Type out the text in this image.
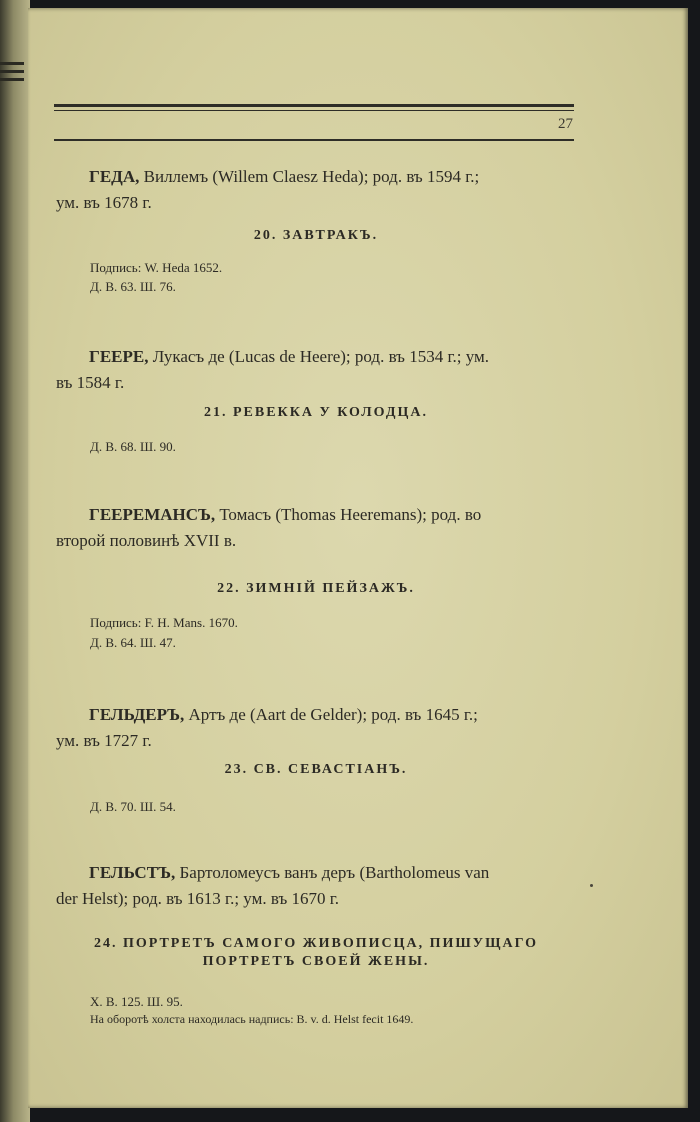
27
ГЕДА, Виллемъ (Willem Claesz Heda); род. въ 1594 г.;
ум. въ 1678 г.
20. ЗАВТРАКЪ.
Подпись: W. Heda 1652.
Д. В. 63. Ш. 76.
ГЕЕРЕ, Лукасъ де (Lucas de Heere); род. въ 1534 г.; ум.
въ 1584 г.
21. РЕВЕККА У КОЛОДЦА.
Д. В. 68. Ш. 90.
ГЕЕРЕМАНСЪ, Томасъ (Thomas Heeremans); род. во
второй половинѣ XVII в.
22. ЗИМНІЙ ПЕЙЗАЖЪ.
Подпись: F. H. Mans. 1670.
Д. В. 64. Ш. 47.
ГЕЛЬДЕРЪ, Артъ де (Aart de Gelder); род. въ 1645 г.;
ум. въ 1727 г.
23. СВ. СЕВАСТІАНЪ.
Д. В. 70. Ш. 54.
ГЕЛЬСТЪ, Бартоломеусъ ванъ деръ (Bartholomeus van
der Helst); род. въ 1613 г.; ум. въ 1670 г.
24. ПОРТРЕТЪ САМОГО ЖИВОПИСЦА, ПИШУЩАГО
ПОРТРЕТЪ СВОЕЙ ЖЕНЫ.
Х. В. 125. Ш. 95.
На оборотѣ холста находилась надпись: B. v. d. Helst fecit 1649.
